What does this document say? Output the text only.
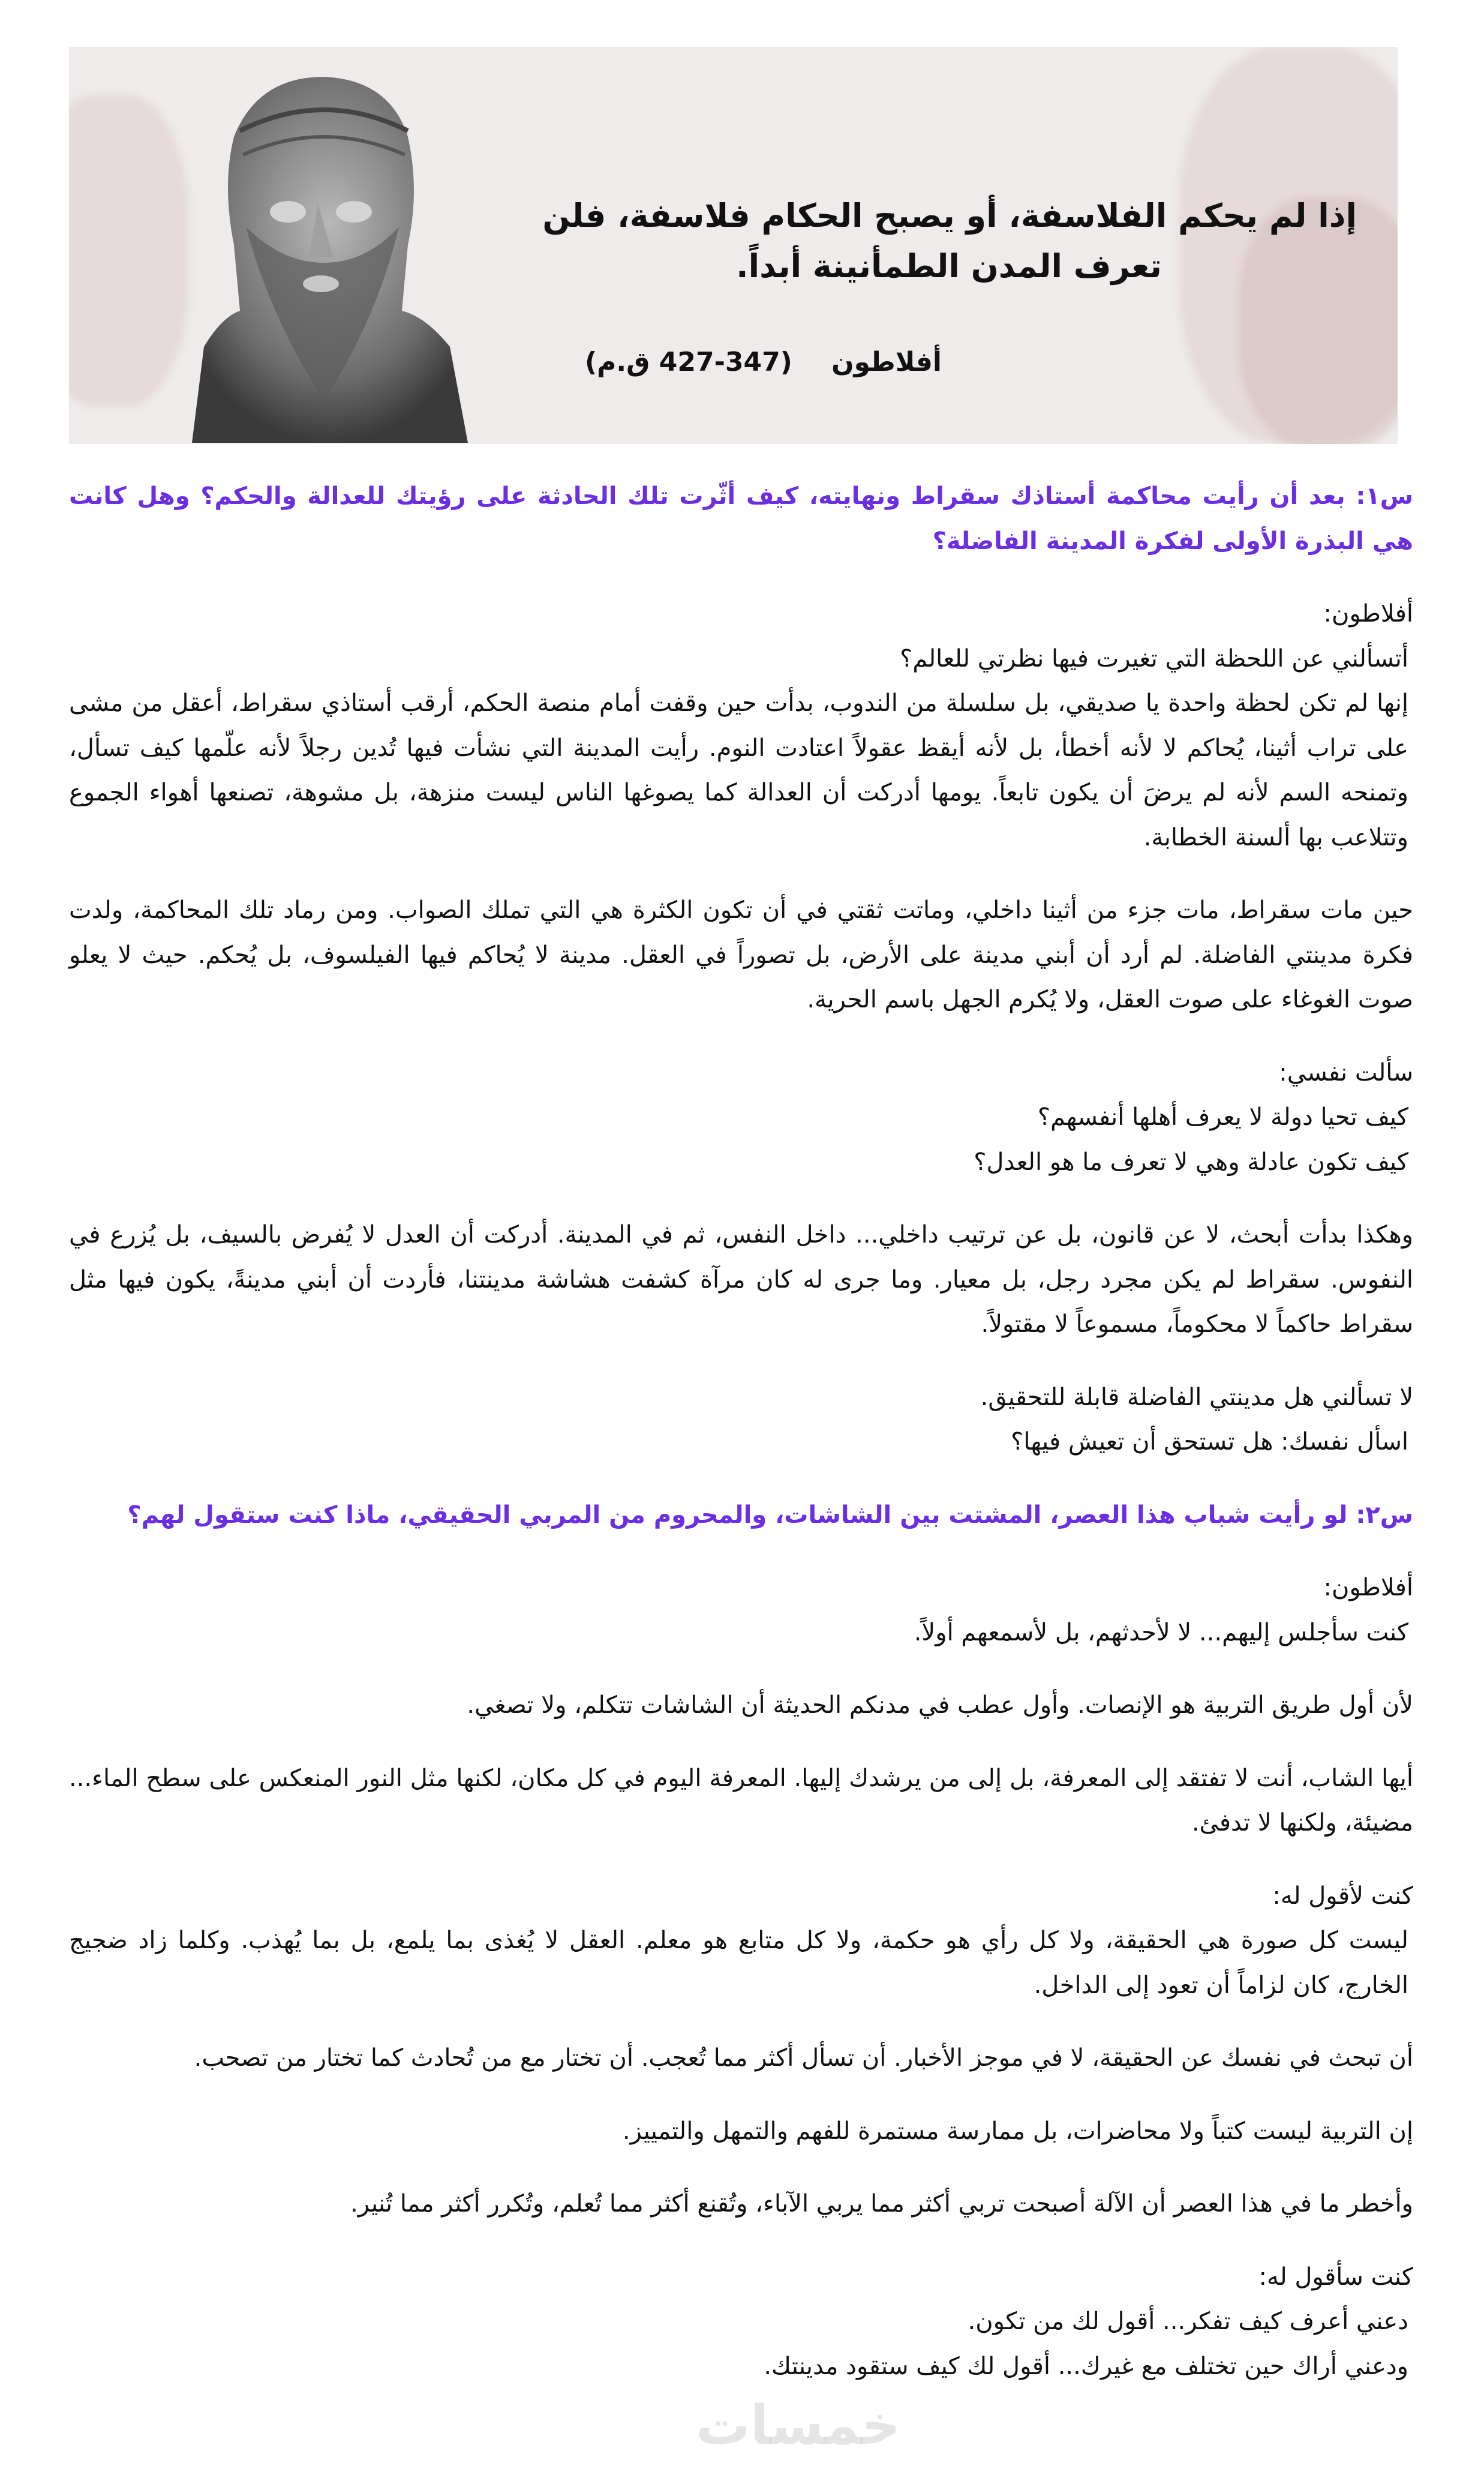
إذا لم يحكم الفلاسفة، أو يصبح الحكام فلاسفة، فلن
تعرف المدن الطمأنينة أبداً.
أفلاطون (427-347 ق.م)
س١: بعد أن رأيت محاكمة أستاذك سقراط ونهايته، كيف أثّرت تلك الحادثة على رؤيتك للعدالة والحكم؟ وهل كانت هي البذرة الأولى لفكرة المدينة الفاضلة؟
أفلاطون:
أتسألني عن اللحظة التي تغيرت فيها نظرتي للعالم؟
إنها لم تكن لحظة واحدة يا صديقي، بل سلسلة من الندوب، بدأت حين وقفت أمام منصة الحكم، أرقب أستاذي سقراط، أعقل من مشى على تراب أثينا، يُحاكم لا لأنه أخطأ، بل لأنه أيقظ عقولاً اعتادت النوم. رأيت المدينة التي نشأت فيها تُدين رجلاً لأنه علّمها كيف تسأل، وتمنحه السم لأنه لم يرضَ أن يكون تابعاً. يومها أدركت أن العدالة كما يصوغها الناس ليست منزهة، بل مشوهة، تصنعها أهواء الجموع وتتلاعب بها ألسنة الخطابة.
حين مات سقراط، مات جزء من أثينا داخلي، وماتت ثقتي في أن تكون الكثرة هي التي تملك الصواب. ومن رماد تلك المحاكمة، ولدت فكرة مدينتي الفاضلة. لم أرد أن أبني مدينة على الأرض، بل تصوراً في العقل. مدينة لا يُحاكم فيها الفيلسوف، بل يُحكم. حيث لا يعلو صوت الغوغاء على صوت العقل، ولا يُكرم الجهل باسم الحرية.
سألت نفسي:
كيف تحيا دولة لا يعرف أهلها أنفسهم؟
كيف تكون عادلة وهي لا تعرف ما هو العدل؟
وهكذا بدأت أبحث، لا عن قانون، بل عن ترتيب داخلي... داخل النفس، ثم في المدينة. أدركت أن العدل لا يُفرض بالسيف، بل يُزرع في النفوس. سقراط لم يكن مجرد رجل، بل معيار. وما جرى له كان مرآة كشفت هشاشة مدينتنا، فأردت أن أبني مدينةً، يكون فيها مثل سقراط حاكماً لا محكوماً، مسموعاً لا مقتولاً.
لا تسألني هل مدينتي الفاضلة قابلة للتحقيق.
اسأل نفسك: هل تستحق أن تعيش فيها؟
س٢: لو رأيت شباب هذا العصر، المشتت بين الشاشات، والمحروم من المربي الحقيقي، ماذا كنت ستقول لهم؟
أفلاطون:
كنت سأجلس إليهم... لا لأحدثهم، بل لأسمعهم أولاً.
لأن أول طريق التربية هو الإنصات. وأول عطب في مدنكم الحديثة أن الشاشات تتكلم، ولا تصغي.
أيها الشاب، أنت لا تفتقد إلى المعرفة، بل إلى من يرشدك إليها. المعرفة اليوم في كل مكان، لكنها مثل النور المنعكس على سطح الماء... مضيئة، ولكنها لا تدفئ.
كنت لأقول له:
ليست كل صورة هي الحقيقة، ولا كل رأي هو حكمة، ولا كل متابع هو معلم. العقل لا يُغذى بما يلمع، بل بما يُهذب. وكلما زاد ضجيج الخارج، كان لزاماً أن تعود إلى الداخل.
أن تبحث في نفسك عن الحقيقة، لا في موجز الأخبار. أن تسأل أكثر مما تُعجب. أن تختار مع من تُحادث كما تختار من تصحب.
إن التربية ليست كتباً ولا محاضرات، بل ممارسة مستمرة للفهم والتمهل والتمييز.
وأخطر ما في هذا العصر أن الآلة أصبحت تربي أكثر مما يربي الآباء، وتُقنع أكثر مما تُعلم، وتُكرر أكثر مما تُنير.
كنت سأقول له:
دعني أعرف كيف تفكر... أقول لك من تكون.
ودعني أراك حين تختلف مع غيرك... أقول لك كيف ستقود مدينتك.
خمسات
